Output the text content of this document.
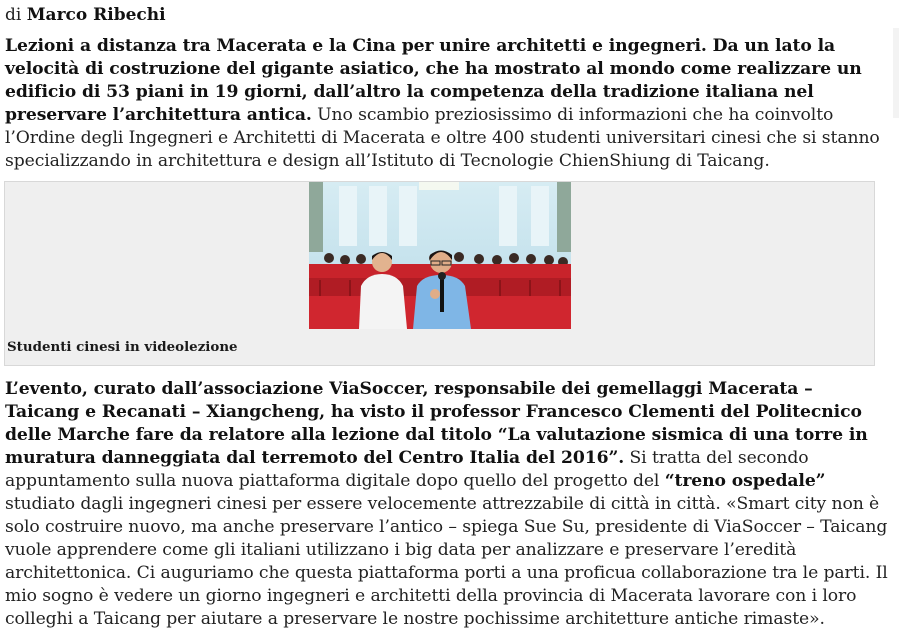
di Marco Ribechi

Lezioni a distanza tra Macerata e la Cina per unire architetti e ingegneri. Da un lato la velocità di costruzione del gigante asiatico, che ha mostrato al mondo come realizzare un edificio di 53 piani in 19 giorni, dall’altro la competenza della tradizione italiana nel preservare l’architettura antica. Uno scambio preziosissimo di informazioni che ha coinvolto l’Ordine degli Ingegneri e Architetti di Macerata e oltre 400 studenti universitari cinesi che si stanno specializzando in architettura e design all’Istituto di Tecnologie ChienShiung di Taicang.

Studenti cinesi in videolezione

L’evento, curato dall’associazione ViaSoccer, responsabile dei gemellaggi Macerata – Taicang e Recanati – Xiangcheng, ha visto il professor Francesco Clementi del Politecnico delle Marche fare da relatore alla lezione dal titolo “La valutazione sismica di una torre in muratura danneggiata dal terremoto del Centro Italia del 2016”. Si tratta del secondo appuntamento sulla nuova piattaforma digitale dopo quello del progetto del “treno ospedale” studiato dagli ingegneri cinesi per essere velocemente attrezzabile di città in città. «Smart city non è solo costruire nuovo, ma anche preservare l’antico – spiega Sue Su, presidente di ViaSoccer – Taicang vuole apprendere come gli italiani utilizzano i big data per analizzare e preservare l’eredità architettonica. Ci auguriamo che questa piattaforma porti a una proficua collaborazione tra le parti. Il mio sogno è vedere un giorno ingegneri e architetti della provincia di Macerata lavorare con i loro colleghi a Taicang per aiutare a preservare le nostre pochissime architetture antiche rimaste».
